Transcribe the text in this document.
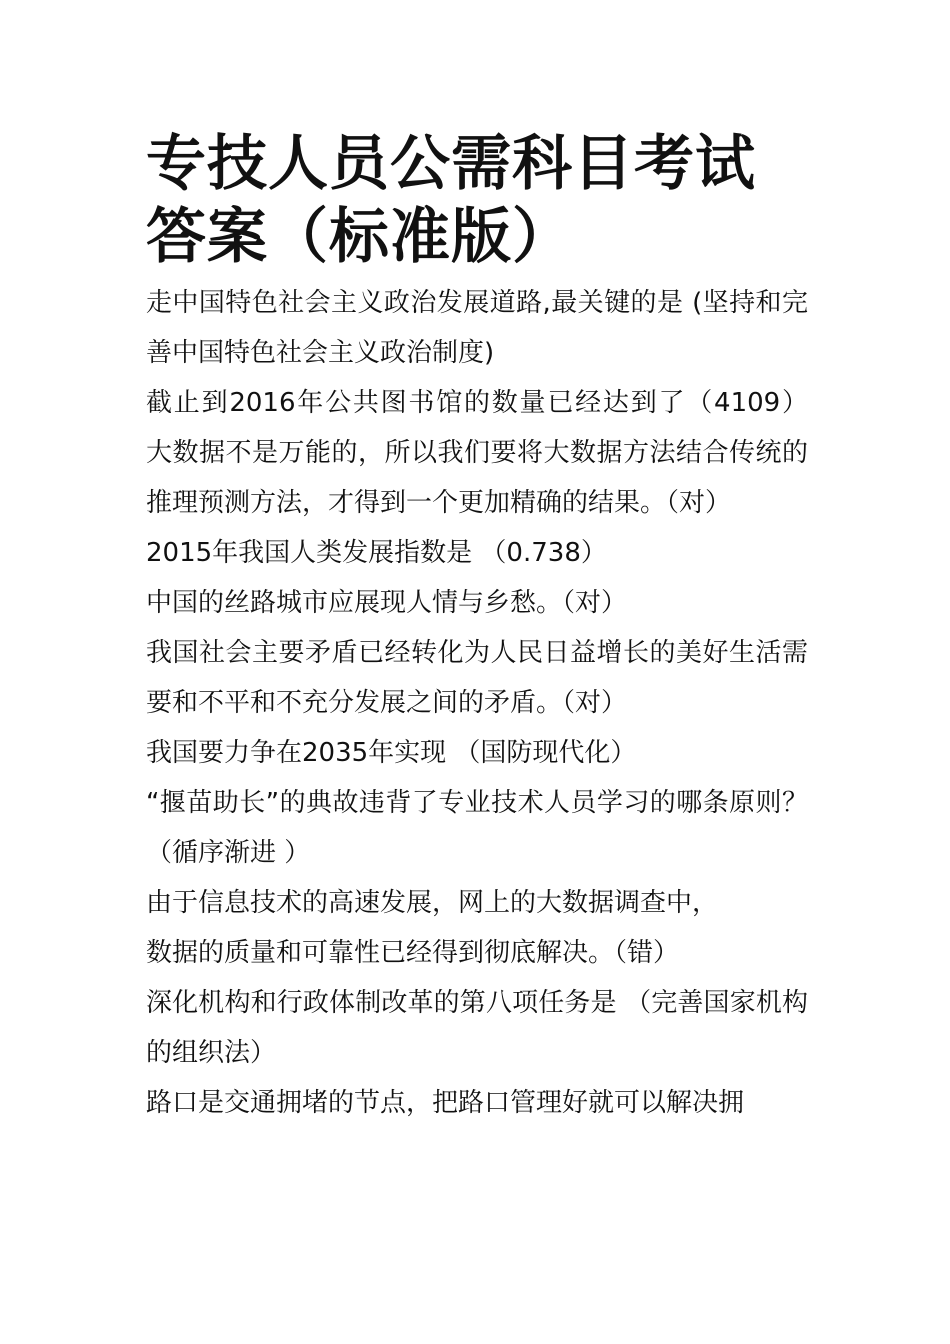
专技人员公需科目考试答案（标准版）

走中国特色社会主义政治发展道路,最关键的是 (坚持和完善中国特色社会主义政治制度)

截止到2016年公共图书馆的数量已经达到了（4109）

大数据不是万能的，所以我们要将大数据方法结合传统的推理预测方法，才得到一个更加精确的结果。（对）

2015年我国人类发展指数是 （0.738）

中国的丝路城市应展现人情与乡愁。（对）

我国社会主要矛盾已经转化为人民日益增长的美好生活需要和不平和不充分发展之间的矛盾。（对）

我国要力争在2035年实现 （国防现代化）

“揠苗助长”的典故违背了专业技术人员学习的哪条原则？ （循序渐进 ）

由于信息技术的高速发展，网上的大数据调查中，

数据的质量和可靠性已经得到彻底解决。（错）

深化机构和行政体制改革的第八项任务是 （完善国家机构的组织法）

路口是交通拥堵的节点，把路口管理好就可以解决拥
